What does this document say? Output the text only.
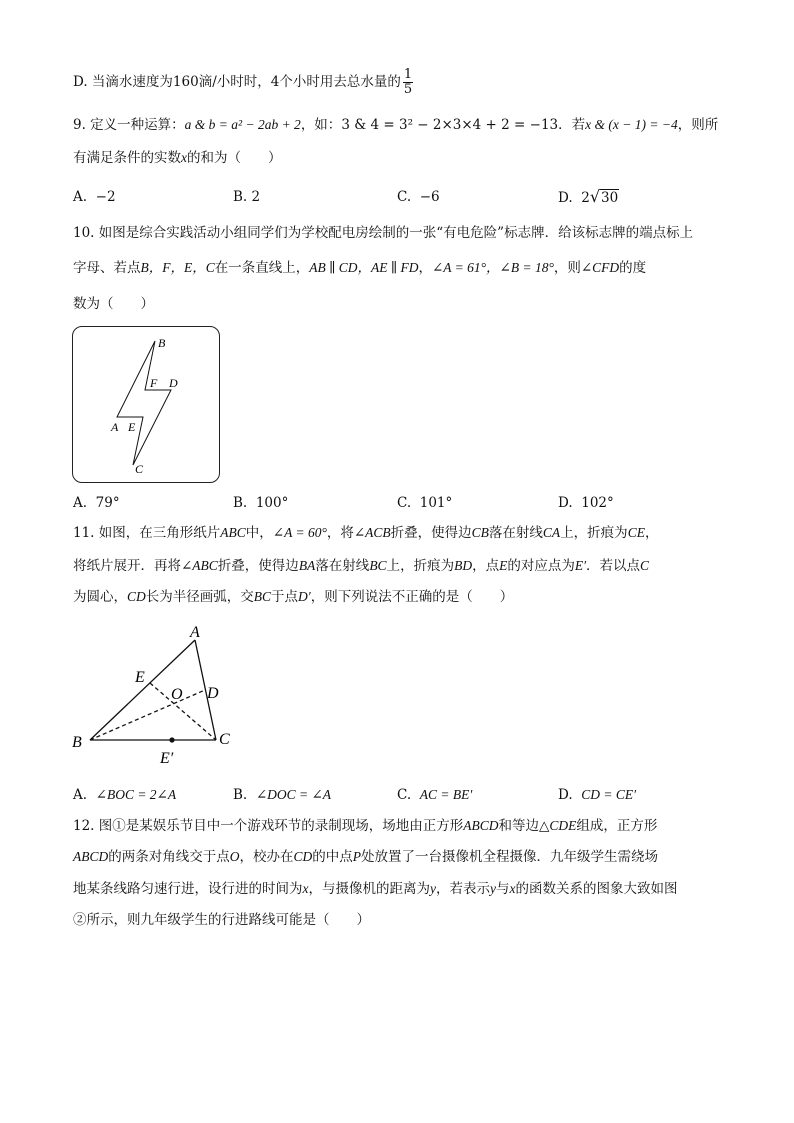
D. 当滴水速度为160滴/小时时，4个小时用去总水量的 $\frac{1}{5}$
9. 定义一种运算：a & b = a² − 2ab + 2，如：3 & 4 = 3² − 2×3×4 + 2 = −13．若x & (x − 1) = −4，则所
有满足条件的实数x的和为（　　）
A. −2	B. 2	C. −6	D. 2√30
10. 如图是综合实践活动小组同学们为学校配电房绘制的一张“有电危险”标志牌．给该标志牌的端点标上
字母、若点B，F，E，C在一条直线上，AB ∥ CD，AE ∥ FD，∠A = 61°，∠B = 18°，则∠CFD的度
数为（　　）
B
F D
A E
C
A. 79°	B. 100°	C. 101°	D. 102°
11. 如图，在三角形纸片ABC中，∠A = 60°，将∠ACB折叠，使得边CB落在射线CA上，折痕为CE，
将纸片展开．再将∠ABC折叠，使得边BA落在射线BC上，折痕为BD，点E的对应点为E′．若以点C
为圆心，CD长为半径画弧，交BC于点D′，则下列说法不正确的是（　　）
A
E
O D
B	C
E′
A. ∠BOC = 2∠A	B. ∠DOC = ∠A	C. AC = BE′	D. CD = CE′
12. 图①是某娱乐节目中一个游戏环节的录制现场，场地由正方形ABCD和等边△CDE组成，正方形
ABCD的两条对角线交于点O，校办在CD的中点P处放置了一台摄像机全程摄像．九年级学生需绕场
地某条线路匀速行进，设行进的时间为x，与摄像机的距离为y，若表示y与x的函数关系的图象大致如图
②所示，则九年级学生的行进路线可能是（　　）
